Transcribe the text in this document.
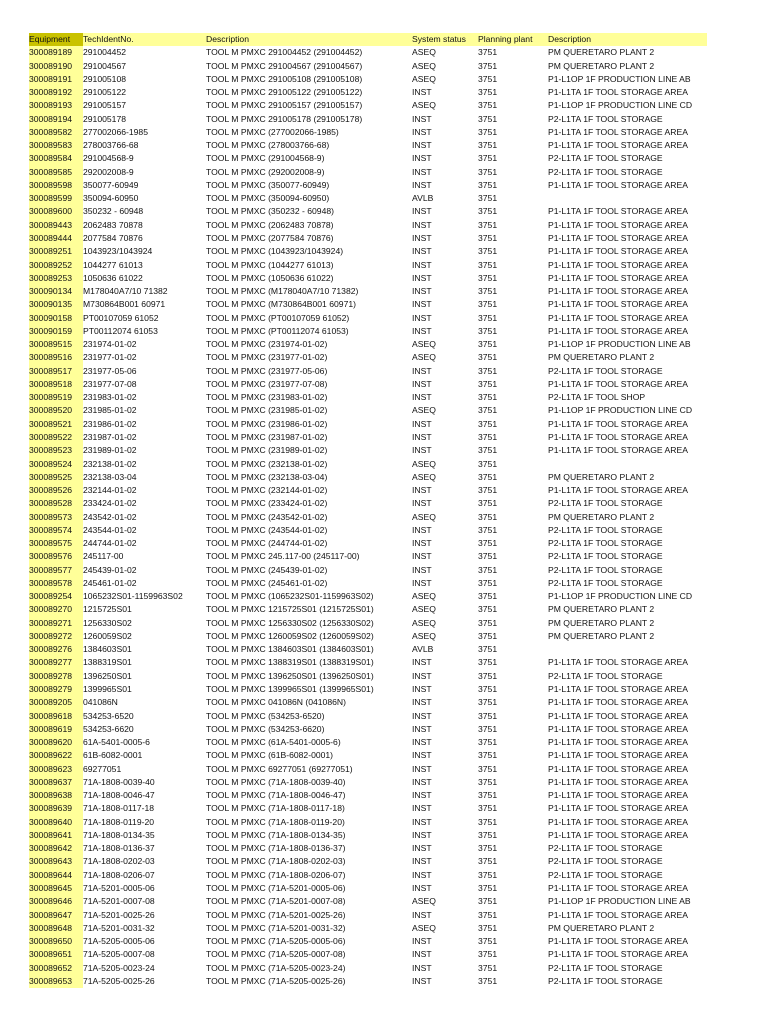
Equipment	TechIdentNo.	Description	System status	Planning plant	Description
300089189	291004452	TOOL M PMXC 291004452 (291004452)	ASEQ	3751	PM QUERETARO PLANT 2
300089190	291004567	TOOL M PMXC 291004567 (291004567)	ASEQ	3751	PM QUERETARO PLANT 2
300089191	291005108	TOOL M PMXC 291005108 (291005108)	ASEQ	3751	P1-L1OP 1F PRODUCTION LINE AB
300089192	291005122	TOOL M PMXC 291005122 (291005122)	INST	3751	P1-L1TA 1F TOOL STORAGE AREA
300089193	291005157	TOOL M PMXC 291005157 (291005157)	ASEQ	3751	P1-L1OP 1F PRODUCTION LINE CD
300089194	291005178	TOOL M PMXC 291005178 (291005178)	INST	3751	P2-L1TA 1F TOOL STORAGE
300089582	277002066-1985	TOOL M PMXC (277002066-1985)	INST	3751	P1-L1TA 1F TOOL STORAGE AREA
300089583	278003766-68	TOOL M PMXC (278003766-68)	INST	3751	P1-L1TA 1F TOOL STORAGE AREA
300089584	291004568-9	TOOL M PMXC (291004568-9)	INST	3751	P2-L1TA 1F TOOL STORAGE
300089585	292002008-9	TOOL M PMXC (292002008-9)	INST	3751	P2-L1TA 1F TOOL STORAGE
300089598	350077-60949	TOOL M PMXC (350077-60949)	INST	3751	P1-L1TA 1F TOOL STORAGE AREA
300089599	350094-60950	TOOL M PMXC (350094-60950)	AVLB	3751
300089600	350232 - 60948	TOOL M PMXC (350232 - 60948)	INST	3751	P1-L1TA 1F TOOL STORAGE AREA
300089443	2062483 70878	TOOL M PMXC (2062483 70878)	INST	3751	P1-L1TA 1F TOOL STORAGE AREA
300089444	2077584 70876	TOOL M PMXC (2077584 70876)	INST	3751	P1-L1TA 1F TOOL STORAGE AREA
300089251	1043923/1043924	TOOL M PMXC (1043923/1043924)	INST	3751	P1-L1TA 1F TOOL STORAGE AREA
300089252	1044277 61013	TOOL M PMXC (1044277 61013)	INST	3751	P1-L1TA 1F TOOL STORAGE AREA
300089253	1050636 61022	TOOL M PMXC (1050636 61022)	INST	3751	P1-L1TA 1F TOOL STORAGE AREA
300090134	M178040A7/10 71382	TOOL M PMXC (M178040A7/10 71382)	INST	3751	P1-L1TA 1F TOOL STORAGE AREA
300090135	M730864B001 60971	TOOL M PMXC (M730864B001 60971)	INST	3751	P1-L1TA 1F TOOL STORAGE AREA
300090158	PT00107059 61052	TOOL M PMXC (PT00107059 61052)	INST	3751	P1-L1TA 1F TOOL STORAGE AREA
300090159	PT00112074 61053	TOOL M PMXC (PT00112074 61053)	INST	3751	P1-L1TA 1F TOOL STORAGE AREA
300089515	231974-01-02	TOOL M PMXC (231974-01-02)	ASEQ	3751	P1-L1OP 1F PRODUCTION LINE AB
300089516	231977-01-02	TOOL M PMXC (231977-01-02)	ASEQ	3751	PM QUERETARO PLANT 2
300089517	231977-05-06	TOOL M PMXC (231977-05-06)	INST	3751	P2-L1TA 1F TOOL STORAGE
300089518	231977-07-08	TOOL M PMXC (231977-07-08)	INST	3751	P1-L1TA 1F TOOL STORAGE AREA
300089519	231983-01-02	TOOL M PMXC (231983-01-02)	INST	3751	P2-L1TA 1F TOOL SHOP
300089520	231985-01-02	TOOL M PMXC (231985-01-02)	ASEQ	3751	P1-L1OP 1F PRODUCTION LINE CD
300089521	231986-01-02	TOOL M PMXC (231986-01-02)	INST	3751	P1-L1TA 1F TOOL STORAGE AREA
300089522	231987-01-02	TOOL M PMXC (231987-01-02)	INST	3751	P1-L1TA 1F TOOL STORAGE AREA
300089523	231989-01-02	TOOL M PMXC (231989-01-02)	INST	3751	P1-L1TA 1F TOOL STORAGE AREA
300089524	232138-01-02	TOOL M PMXC (232138-01-02)	ASEQ	3751
300089525	232138-03-04	TOOL M PMXC (232138-03-04)	ASEQ	3751	PM QUERETARO PLANT 2
300089526	232144-01-02	TOOL M PMXC (232144-01-02)	INST	3751	P1-L1TA 1F TOOL STORAGE AREA
300089528	233424-01-02	TOOL M PMXC (233424-01-02)	INST	3751	P2-L1TA 1F TOOL STORAGE
300089573	243542-01-02	TOOL M PMXC (243542-01-02)	ASEQ	3751	PM QUERETARO PLANT 2
300089574	243544-01-02	TOOL M PMXC (243544-01-02)	INST	3751	P2-L1TA 1F TOOL STORAGE
300089575	244744-01-02	TOOL M PMXC (244744-01-02)	INST	3751	P2-L1TA 1F TOOL STORAGE
300089576	245117-00	TOOL M PMXC 245.117-00 (245117-00)	INST	3751	P2-L1TA 1F TOOL STORAGE
300089577	245439-01-02	TOOL M PMXC (245439-01-02)	INST	3751	P2-L1TA 1F TOOL STORAGE
300089578	245461-01-02	TOOL M PMXC (245461-01-02)	INST	3751	P2-L1TA 1F TOOL STORAGE
300089254	1065232S01-1159963S02	TOOL M PMXC (1065232S01-1159963S02)	ASEQ	3751	P1-L1OP 1F PRODUCTION LINE CD
300089270	1215725S01	TOOL M PMXC 1215725S01 (1215725S01)	ASEQ	3751	PM QUERETARO PLANT 2
300089271	1256330S02	TOOL M PMXC 1256330S02 (1256330S02)	ASEQ	3751	PM QUERETARO PLANT 2
300089272	1260059S02	TOOL M PMXC 1260059S02 (1260059S02)	ASEQ	3751	PM QUERETARO PLANT 2
300089276	1384603S01	TOOL M PMXC 1384603S01 (1384603S01)	AVLB	3751
300089277	1388319S01	TOOL M PMXC 1388319S01 (1388319S01)	INST	3751	P1-L1TA 1F TOOL STORAGE AREA
300089278	1396250S01	TOOL M PMXC 1396250S01 (1396250S01)	INST	3751	P2-L1TA 1F TOOL STORAGE
300089279	1399965S01	TOOL M PMXC 1399965S01 (1399965S01)	INST	3751	P1-L1TA 1F TOOL STORAGE AREA
300089205	041086N	TOOL M PMXC 041086N (041086N)	INST	3751	P1-L1TA 1F TOOL STORAGE AREA
300089618	534253-6520	TOOL M PMXC (534253-6520)	INST	3751	P1-L1TA 1F TOOL STORAGE AREA
300089619	534253-6620	TOOL M PMXC (534253-6620)	INST	3751	P1-L1TA 1F TOOL STORAGE AREA
300089620	61A-5401-0005-6	TOOL M PMXC (61A-5401-0005-6)	INST	3751	P1-L1TA 1F TOOL STORAGE AREA
300089622	61B-6082-0001	TOOL M PMXC (61B-6082-0001)	INST	3751	P1-L1TA 1F TOOL STORAGE AREA
300089623	69277051	TOOL M PMXC 69277051 (69277051)	INST	3751	P1-L1TA 1F TOOL STORAGE AREA
300089637	71A-1808-0039-40	TOOL M PMXC (71A-1808-0039-40)	INST	3751	P1-L1TA 1F TOOL STORAGE AREA
300089638	71A-1808-0046-47	TOOL M PMXC (71A-1808-0046-47)	INST	3751	P1-L1TA 1F TOOL STORAGE AREA
300089639	71A-1808-0117-18	TOOL M PMXC (71A-1808-0117-18)	INST	3751	P1-L1TA 1F TOOL STORAGE AREA
300089640	71A-1808-0119-20	TOOL M PMXC (71A-1808-0119-20)	INST	3751	P1-L1TA 1F TOOL STORAGE AREA
300089641	71A-1808-0134-35	TOOL M PMXC (71A-1808-0134-35)	INST	3751	P1-L1TA 1F TOOL STORAGE AREA
300089642	71A-1808-0136-37	TOOL M PMXC (71A-1808-0136-37)	INST	3751	P2-L1TA 1F TOOL STORAGE
300089643	71A-1808-0202-03	TOOL M PMXC (71A-1808-0202-03)	INST	3751	P2-L1TA 1F TOOL STORAGE
300089644	71A-1808-0206-07	TOOL M PMXC (71A-1808-0206-07)	INST	3751	P2-L1TA 1F TOOL STORAGE
300089645	71A-5201-0005-06	TOOL M PMXC (71A-5201-0005-06)	INST	3751	P1-L1TA 1F TOOL STORAGE AREA
300089646	71A-5201-0007-08	TOOL M PMXC (71A-5201-0007-08)	ASEQ	3751	P1-L1OP 1F PRODUCTION LINE AB
300089647	71A-5201-0025-26	TOOL M PMXC (71A-5201-0025-26)	INST	3751	P1-L1TA 1F TOOL STORAGE AREA
300089648	71A-5201-0031-32	TOOL M PMXC (71A-5201-0031-32)	ASEQ	3751	PM QUERETARO PLANT 2
300089650	71A-5205-0005-06	TOOL M PMXC (71A-5205-0005-06)	INST	3751	P1-L1TA 1F TOOL STORAGE AREA
300089651	71A-5205-0007-08	TOOL M PMXC (71A-5205-0007-08)	INST	3751	P1-L1TA 1F TOOL STORAGE AREA
300089652	71A-5205-0023-24	TOOL M PMXC (71A-5205-0023-24)	INST	3751	P2-L1TA 1F TOOL STORAGE
300089653	71A-5205-0025-26	TOOL M PMXC (71A-5205-0025-26)	INST	3751	P2-L1TA 1F TOOL STORAGE
